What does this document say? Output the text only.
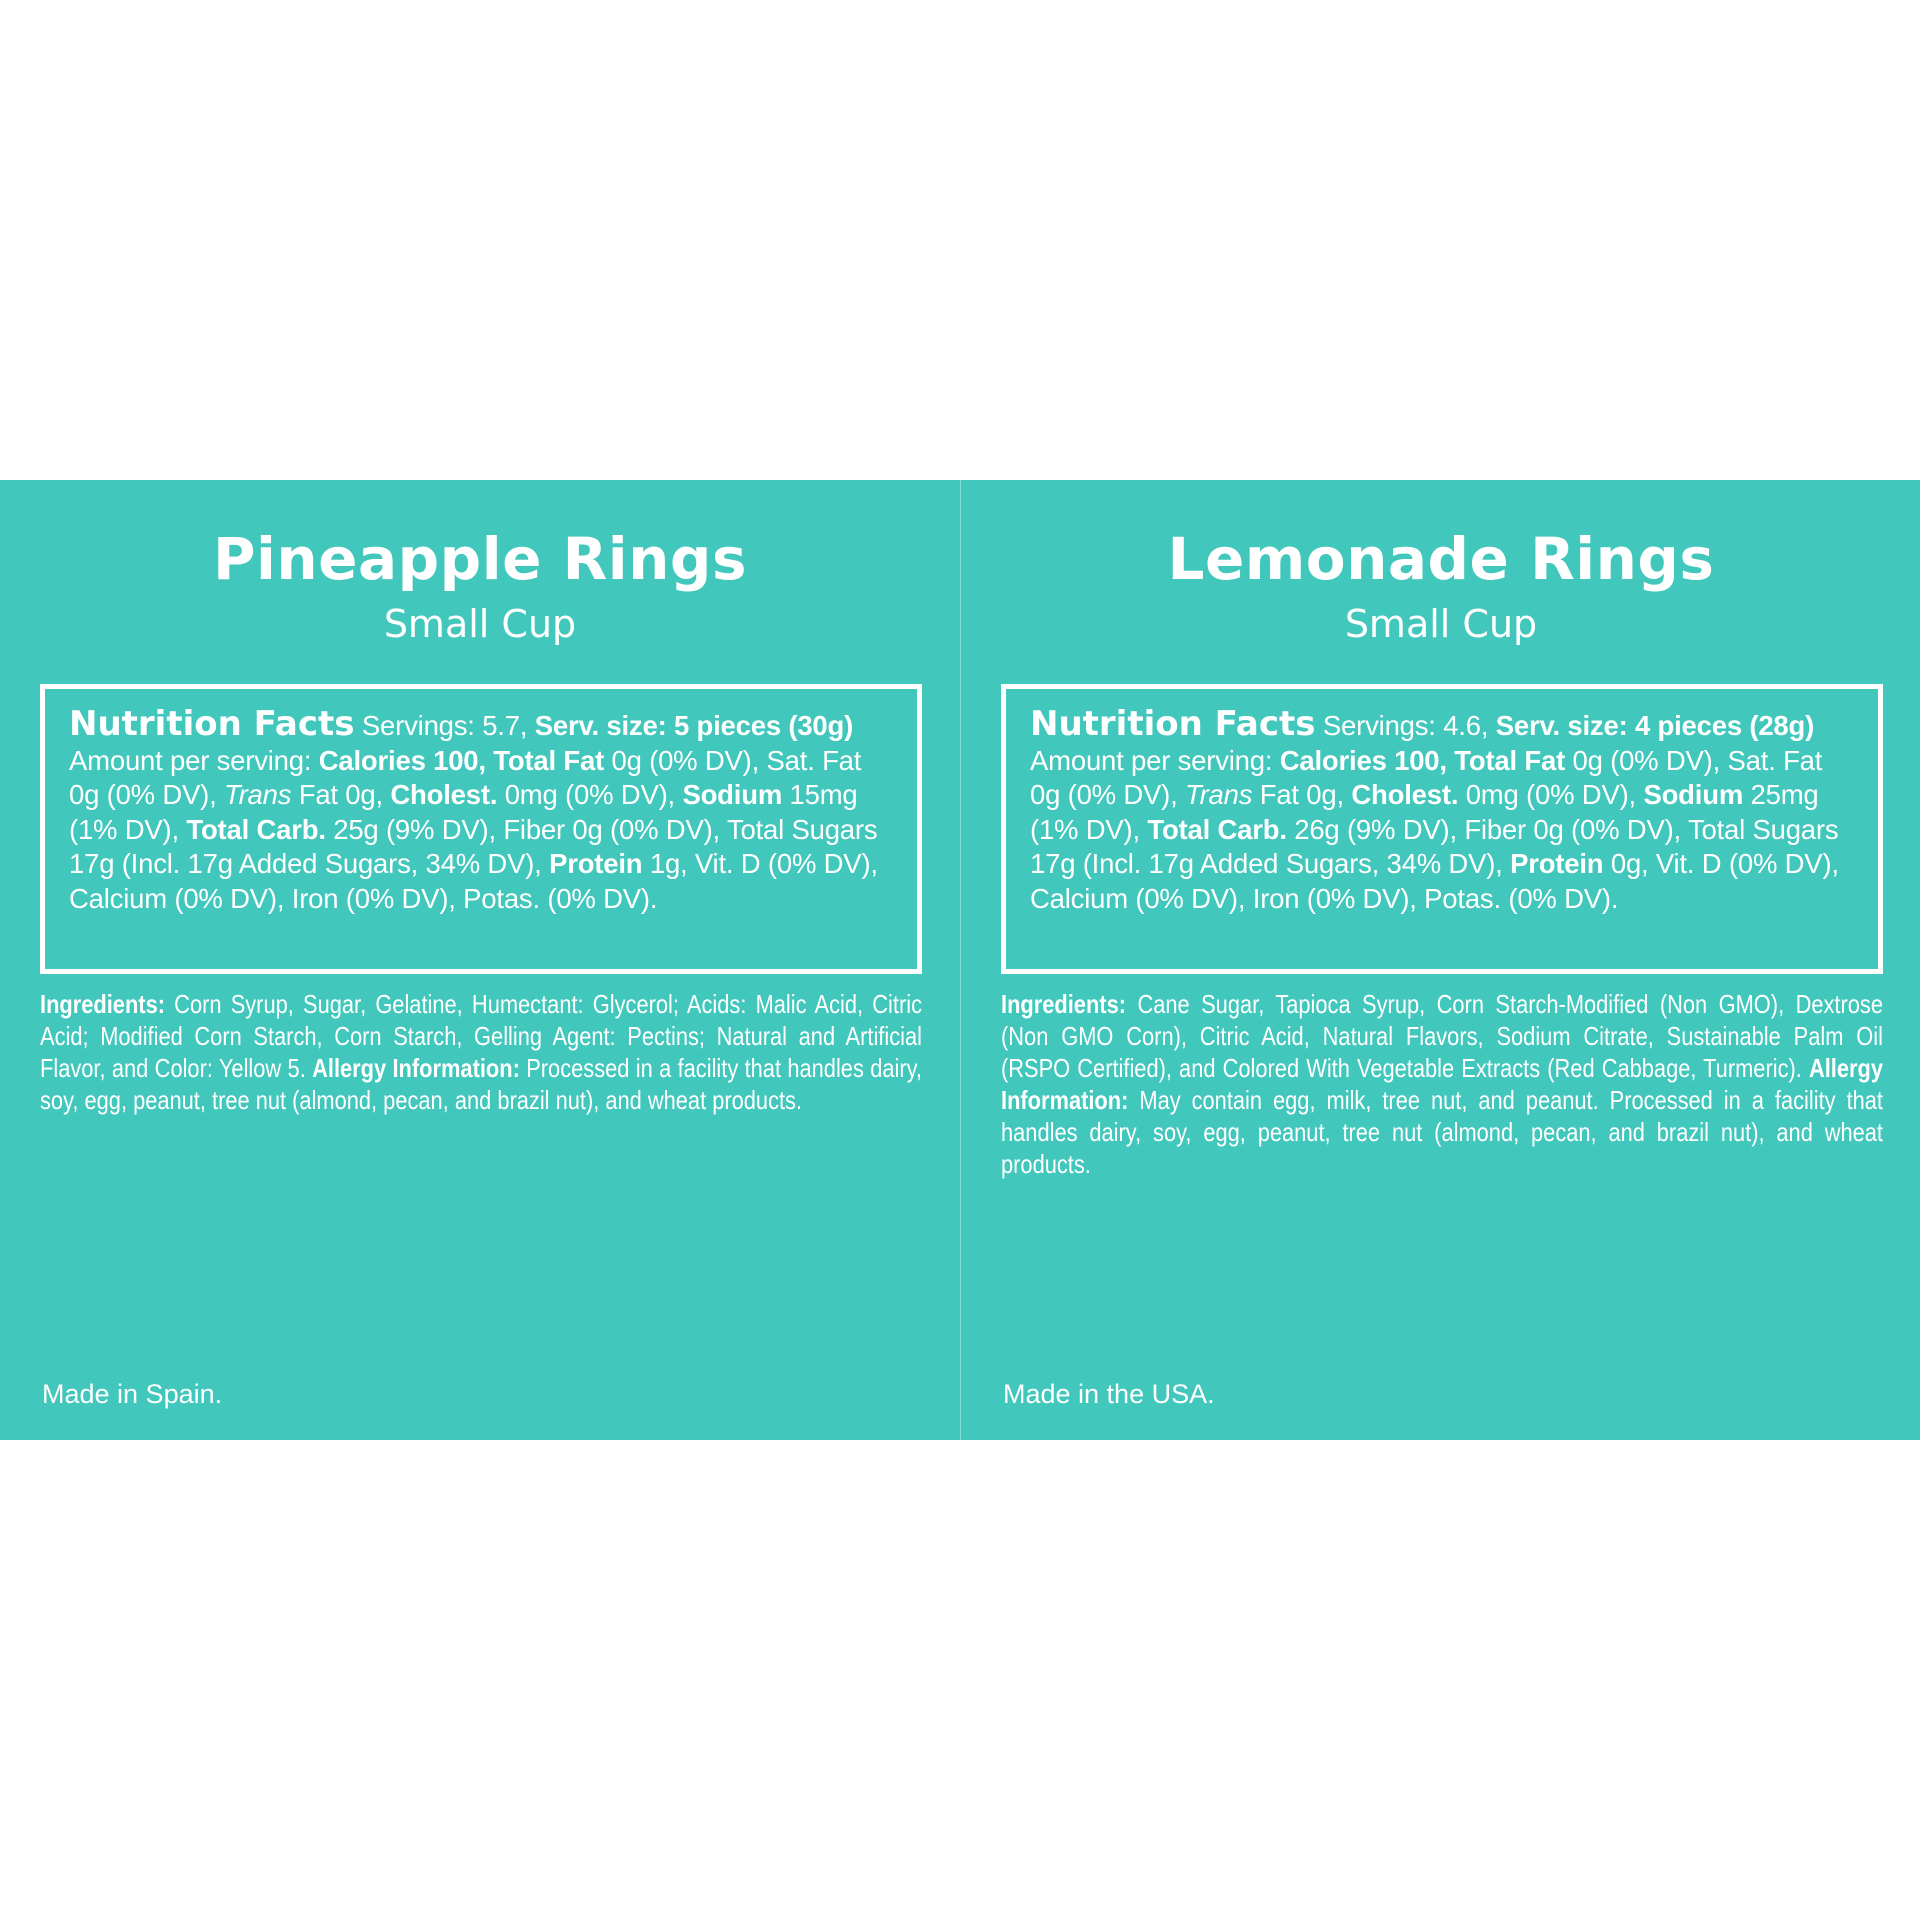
Pineapple Rings
Small Cup
Nutrition Facts Servings: 5.7, Serv. size: 5 pieces (30g) Amount per serving: Calories 100, Total Fat 0g (0% DV), Sat. Fat 0g (0% DV), Trans Fat 0g, Cholest. 0mg (0% DV), Sodium 15mg (1% DV), Total Carb. 25g (9% DV), Fiber 0g (0% DV), Total Sugars 17g (Incl. 17g Added Sugars, 34% DV), Protein 1g, Vit. D (0% DV), Calcium (0% DV), Iron (0% DV), Potas. (0% DV).
Ingredients: Corn Syrup, Sugar, Gelatine, Humectant: Glycerol; Acids: Malic Acid, Citric Acid; Modified Corn Starch, Corn Starch, Gelling Agent: Pectins; Natural and Artificial Flavor, and Color: Yellow 5. Allergy Information: Processed in a facility that handles dairy, soy, egg, peanut, tree nut (almond, pecan, and brazil nut), and wheat products.
Made in Spain.
Lemonade Rings
Small Cup
Nutrition Facts Servings: 4.6, Serv. size: 4 pieces (28g) Amount per serving: Calories 100, Total Fat 0g (0% DV), Sat. Fat 0g (0% DV), Trans Fat 0g, Cholest. 0mg (0% DV), Sodium 25mg (1% DV), Total Carb. 26g (9% DV), Fiber 0g (0% DV), Total Sugars 17g (Incl. 17g Added Sugars, 34% DV), Protein 0g, Vit. D (0% DV), Calcium (0% DV), Iron (0% DV), Potas. (0% DV).
Ingredients: Cane Sugar, Tapioca Syrup, Corn Starch-Modified (Non GMO), Dextrose (Non GMO Corn), Citric Acid, Natural Flavors, Sodium Citrate, Sustainable Palm Oil (RSPO Certified), and Colored With Vegetable Extracts (Red Cabbage, Turmeric). Allergy Information: May contain egg, milk, tree nut, and peanut. Processed in a facility that handles dairy, soy, egg, peanut, tree nut (almond, pecan, and brazil nut), and wheat products.
Made in the USA.
